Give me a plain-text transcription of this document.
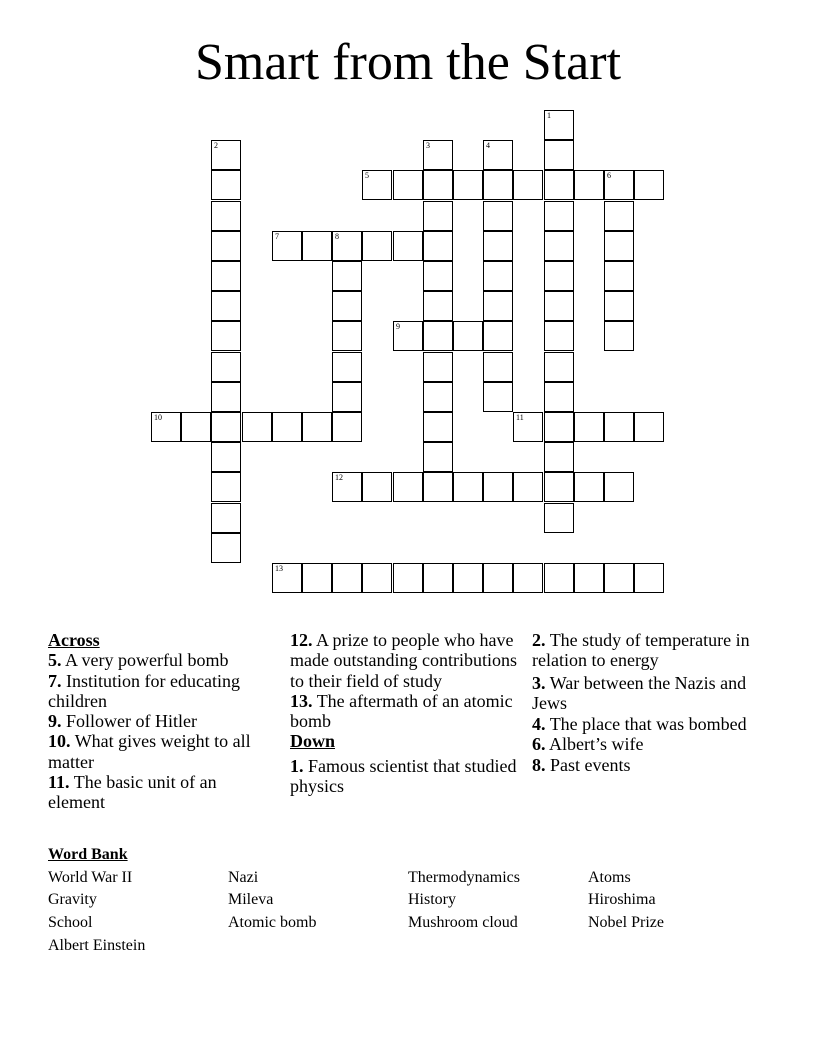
Smart from the Start
1
2	3	4
5	6
7	8
9
10	11
12
13
Across
5. A very powerful bomb
7. Institution for educating children
9. Follower of Hitler
10. What gives weight to all matter
11. The basic unit of an element
12. A prize to people who have made outstanding contributions to their field of study
13. The aftermath of an atomic bomb
Down
1. Famous scientist that studied physics
2. The study of temperature in relation to energy
3. War between the Nazis and Jews
4. The place that was bombed
6. Albert’s wife
8. Past events
Word Bank
World War II	Nazi	Thermodynamics	Atoms
Gravity	Mileva	History	Hiroshima
School	Atomic bomb	Mushroom cloud	Nobel Prize
Albert Einstein
